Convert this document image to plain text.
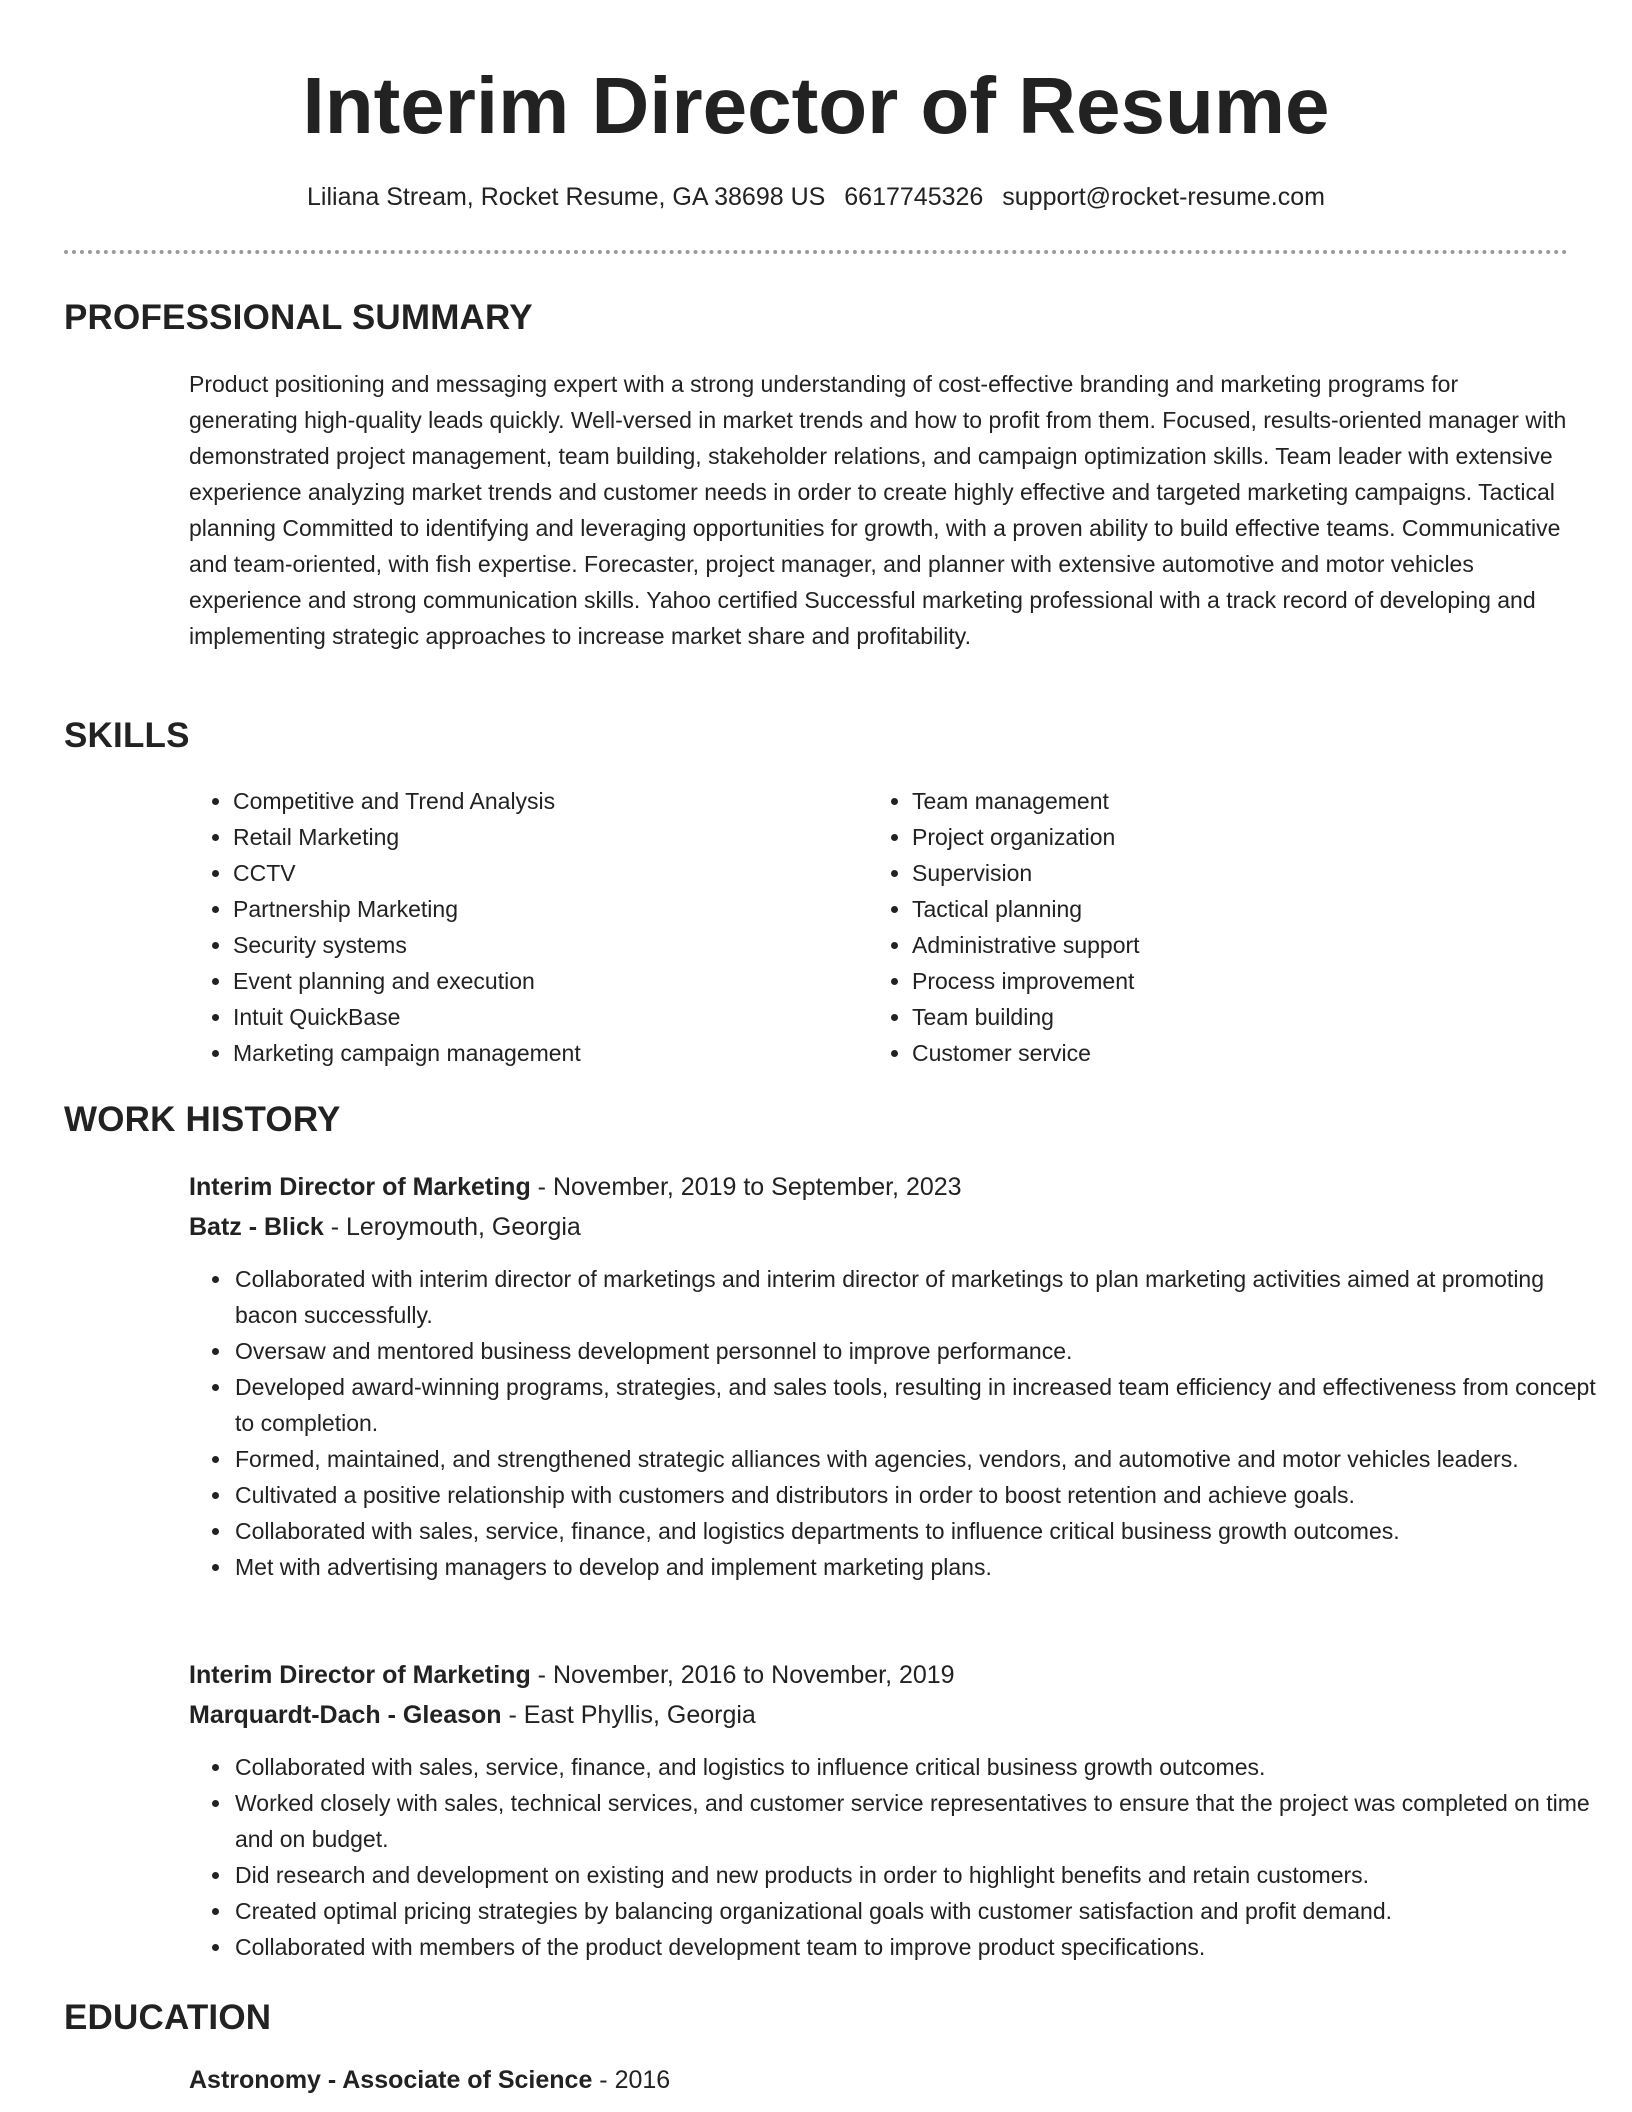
Interim Director of Resume
Liliana Stream, Rocket Resume, GA 38698 US 6617745326 support@rocket-resume.com
PROFESSIONAL SUMMARY

Product positioning and messaging expert with a strong understanding of cost-effective branding and marketing programs for generating high-quality leads quickly. Well-versed in market trends and how to profit from them. Focused, results-oriented manager with demonstrated project management, team building, stakeholder relations, and campaign optimization skills. Team leader with extensive experience analyzing market trends and customer needs in order to create highly effective and targeted marketing campaigns. Tactical planning Committed to identifying and leveraging opportunities for growth, with a proven ability to build effective teams. Communicative and team-oriented, with fish expertise. Forecaster, project manager, and planner with extensive automotive and motor vehicles experience and strong communication skills. Yahoo certified Successful marketing professional with a track record of developing and implementing strategic approaches to increase market share and profitability.

SKILLS
• Competitive and Trend Analysis
• Retail Marketing
• CCTV
• Partnership Marketing
• Security systems
• Event planning and execution
• Intuit QuickBase
• Marketing campaign management
• Team management
• Project organization
• Supervision
• Tactical planning
• Administrative support
• Process improvement
• Team building
• Customer service
WORK HISTORY
Interim Director of Marketing - November, 2019 to September, 2023
Batz - Blick - Leroymouth, Georgia
• Collaborated with interim director of marketings and interim director of marketings to plan marketing activities aimed at promoting bacon successfully.
• Oversaw and mentored business development personnel to improve performance.
• Developed award-winning programs, strategies, and sales tools, resulting in increased team efficiency and effectiveness from concept to completion.
• Formed, maintained, and strengthened strategic alliances with agencies, vendors, and automotive and motor vehicles leaders.
• Cultivated a positive relationship with customers and distributors in order to boost retention and achieve goals.
• Collaborated with sales, service, finance, and logistics departments to influence critical business growth outcomes.
• Met with advertising managers to develop and implement marketing plans.
Interim Director of Marketing - November, 2016 to November, 2019
Marquardt-Dach - Gleason - East Phyllis, Georgia
• Collaborated with sales, service, finance, and logistics to influence critical business growth outcomes.
• Worked closely with sales, technical services, and customer service representatives to ensure that the project was completed on time and on budget.
• Did research and development on existing and new products in order to highlight benefits and retain customers.
• Created optimal pricing strategies by balancing organizational goals with customer satisfaction and profit demand.
• Collaborated with members of the product development team to improve product specifications.
EDUCATION
Astronomy - Associate of Science - 2016
